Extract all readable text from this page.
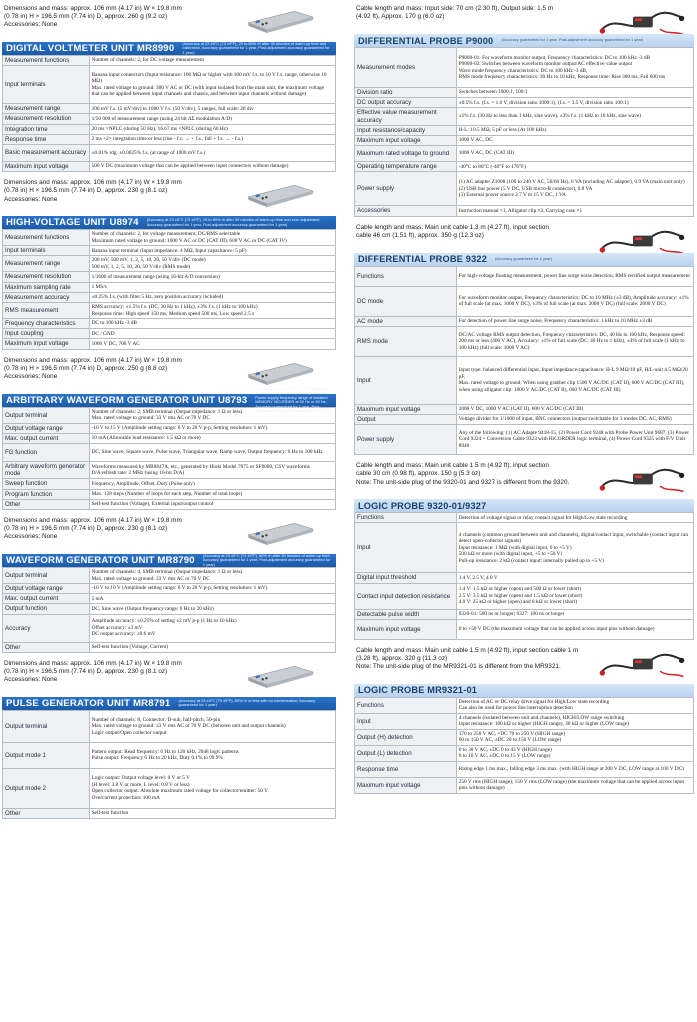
Dimensions and mass: approx. 106 mm (4.17 in) W × 19.8 mm
(0.78 in) H × 196.5 mm (7.74 in) D, approx. 260 g (9.2 oz)
Accessories: None
DIGITAL VOLTMETER UNIT MR8990 (Accuracy at 23 ±5°C (73 ±9°F), 20 to 80% rh after 30 minutes of warm-up time and calibration, Accuracy guaranteed for 1 year, Post-adjustment accuracy guaranteed for 1 year)
Measurement functions	Number of channels: 2, for DC voltage measurement

Input terminals	Banana input connectors (Input resistance: 100 MΩ or higher with 100 mV f.s. to 10 V f.s. range, otherwise 10 MΩ)
Max. rated voltage to ground: 300 V AC or DC (with input isolated from the main unit, the maximum voltage that can be applied between input channels and chassis, and between input channels without damage)

Measurement range	100 mV f.s. (5 mV/div) to 1000 V f.s. (50 V/div), 5 ranges, full scale: 20 div

Measurement resolution	1/50 000 of measurement range (using 24 bit ΔΣ modulation A/D)

Integration time	20 ms ×NPLC (during 50 Hz), 16.67 ms ×NPLC (during 60 Hz)

Response time	2 ms +2× integration time or less (rise - f.s. → + f.s., fall + f.s. → - f.s.)

Basic measurement accuracy	±0.01% rdg. ±0.0025% f.s. (at range of 1000 mV f.s.)

Maximum input voltage	500 V DC (maximum voltage that can be applied between input connectors without damage)
Dimensions and mass: approx. 106 mm (4.17 in) W × 19.8 mm
(0.78 in) H × 196.5 mm (7.74 in) D, approx. 230 g (8.1 oz)
Accessories: None
HIGH-VOLTAGE UNIT U8974 (Accuracy at 23 ±5°C (73 ±9°F), 20 to 80% rh after 30 minutes of warm-up time and zero adjustment, Accuracy guaranteed for 1 year, Post-adjustment accuracy guaranteed for 1 year)
Measurement functions	Number of channels: 2, for voltage measurement, DC/RMS selectable
Maximum rated voltage to ground: 1000 V AC or DC (CAT III), 600 V AC or DC (CAT IV)

Input terminals	Banana input terminal (Input impedance: 4 MΩ, Input capacitance: 5 pF)

Measurement range	200 mV, 500 mV, 1, 2, 5, 10, 20, 50 V/div (DC mode)
500 mV, 1, 2, 5, 10, 20, 50 V/div (RMS mode)

Measurement resolution	1/1600 of measurement range (using 16-bit A/D conversion)

Maximum sampling rate	1 MS/s

Measurement accuracy	±0.25% f.s. (with filter 5 Hz, zero position accuracy included)

RMS measurement	RMS accuracy: ±1.5% f.s. (DC, 30 Hz to 1 kHz), ±3% f.s. (1 kHz to 100 kHz)
Response time: High speed 150 ms, Medium speed 500 ms, Low speed 2.5 s

Frequency characteristics	DC to 100 kHz -3 dB

Input coupling	DC / GND

Maximum input voltage	1000 V DC, 700 V AC
Dimensions and mass: approx. 106 mm (4.17 in) W × 19.8 mm
(0.78 in) H × 196.5 mm (7.74 in) D, approx. 250 g (8.8 oz)
Accessories: None
ARBITRARY WAVEFORM GENERATOR UNIT U8793
(Accuracy at 23 ±5°C (73 ±9°F), 80% rh or less after 30 minutes of warm-up time; Power supply frequency range of installed MEMORY HiCORDER at 50 Hz or 60 Hz; Accuracy guaranteed for 1 year, Post-adjustment accuracy guaranteed for 1 year)
Output terminal	Number of channels: 2, SMB terminal (Output impedance: 1 Ω or less)
Max. rated voltage to ground: 33 V rms AC or 70 V DC

Output voltage range	-10 V to 15 V (Amplitude setting range: 0 V to 20 V p-p, Setting resolution: 1 mV)

Max. output current	10 mA (Allowable load resistance: 1.5 kΩ or more)

FG function	DC, Sine wave, Square wave, Pulse wave, Triangular wave, Ramp wave, Output frequency: 0 Hz to 100 kHz

Arbitrary waveform generator mode	Waveforms measured by MR8847A, etc., generated by Hioki Model 7075 or SF8000, CSV waveforms
D/A refresh rate: 2 MHz (using 16-bit D/A)

Sweep function	Frequency, Amplitude, Offset, Duty (Pulse only)

Program function	Max. 128 steps (Number of loops for each step, Number of total loops)

Other	Self-test function (Voltage), External input/output control
Dimensions and mass: approx. 106 mm (4.17 in) W × 19.8 mm
(0.78 in) H × 196.5 mm (7.74 in) D, approx. 230 g (8.1 oz)
Accessories: None
WAVEFORM GENERATOR UNIT MR8790 (Accuracy at 23 ±5°C (73 ±9°F), 80% rh after 30 minutes of warm-up time; Accuracy guaranteed for 1 year, Post-adjustment accuracy guaranteed for 1 year)
Output terminal	Number of channels: 4, SMB terminal (Output impedance: 1 Ω or less)
Max. rated voltage to ground: 33 V rms AC or 70 V DC

Output voltage range	-10 V to 10 V (Amplitude setting range: 0 V to 20 V p-p, Setting resolution: 1 mV)

Max. output current	5 mA

Output function	DC, Sine wave (Output frequency range: 0 Hz to 20 kHz)

Accuracy	Amplitude accuracy: ±0.25% of setting ±2 mV p-p (1 Hz to 10 kHz)
Offset accuracy: ±3 mV
DC output accuracy: ±0.6 mV

Other	Self-test function (Voltage, Current)
Dimensions and mass: approx. 106 mm (4.17 in) W × 19.8 mm
(0.78 in) H × 196.5 mm (7.74 in) D, approx. 230 g (8.1 oz)
Accessories: None
PULSE GENERATOR UNIT MR8791 (Accuracy at 23 ±5°C (73 ±9°F), 80% rh or less with no condensation; Accuracy guaranteed for 1 year)
Output terminal	Number of channels: 8, Connector: D-sub, half-pitch, 50-pin
Max. rated voltage to ground: 33 V rms AC or 70 V DC (between unit and output channels)
Logic output/Open collector output

Output mode 1	Pattern output: Read frequency: 0 Hz to 120 kHz, 2048 logic patterns
Pulse output: Frequency 0 Hz to 20 kHz, Duty 0.1% to 99.9%

Output mode 2	Logic output: Output voltage level: 0 V or 5 V
(H level: 3.8 V or more, L level: 0.8 V or less)
Open collector output: Absolute maximum rated voltage for collector/emitter: 50 V
Overcurrent protection: 100 mA

Other	Self-test function
Cable length and mass: Input side: 70 cm (2.30 ft), Output side: 1.5 m
(4.92 ft), Approx. 170 g (6.0 oz)
DIFFERENTIAL PROBE P9000 (Accuracy guaranteed for 1 year, Post-adjustment accuracy guaranteed for 1 year)
Measurement modes	P9000-01: For waveform monitor output, Frequency characteristics: DC to 100 kHz -3 dB
P9000-02: Switches between waveform monitor output/AC effective value output
Wave mode frequency characteristics: DC to 100 kHz -3 dB,
RMS mode frequency characteristics: 30 Hz to 10 kHz, Response time: Rise 300 ms, Fall 600 ms

Division ratio	Switches between 1000:1, 100:1

DC output accuracy	±0.5% f.s. (f.s. = 1.0 V, division ratio 1000:1), (f.s. = 3.5 V, division ratio 100:1)

Effective value measurement accuracy	±1% f.s. (30 Hz to less than 1 kHz, sine wave), ±3% f.s. (1 kHz to 10 kHz, sine wave)

Input resistance/capacity	H-L: 10.5 MΩ, 5 pF or less (At 100 kHz)

Maximum input voltage	1000 V AC, DC

Maximum rated voltage to ground	1000 V AC, DC (CAT III)

Operating temperature range	-40°C to 80°C (-40°F to 176°F)

Power supply	(1) AC adapter Z1008 (100 to 240 V AC, 50/60 Hz), 6 VA (including AC adapter), 0.9 VA (main unit only)
(2) USB bus power (5 V DC, USB micro-B connector), 0.8 VA
(3) External power source 2.7 V to 15 V DC, 1 VA

Accessories	Instruction manual ×1, Alligator clip ×2, Carrying case ×1
Cable length and mass: Main unit cable 1.3 m (4.27 ft), input section
cable 46 cm (1.51 ft), approx. 350 g (12.3 oz)
DIFFERENTIAL PROBE 9322 (Accuracy guaranteed for 1 year)
Functions	For high-voltage floating measurement, power line surge noise detection, RMS rectified output measurement

DC mode	For waveform monitor output, Frequency characteristics: DC to 10 MHz (±3 dB), Amplitude accuracy: ±1% of full scale (at max. 1000 V DC), ±3% of full scale (at max. 2000 V DC) (full scale: 2000 V DC)

AC mode	For detection of power line surge noise, Frequency characteristics: 1 kHz to 10 MHz ±3 dB

RMS mode	DC/AC voltage RMS output detection, Frequency characteristics: DC, 40 Hz to 100 kHz, Response speed: 200 ms or less (400 V AC), Accuracy: ±1% of full scale (DC, 40 Hz to 1 kHz), ±4% of full scale (1 kHz to 100 kHz) (full scale: 1000 V AC)

Input	Input type: balanced differential input, Input impedance/capacitance: H-L 9 MΩ/10 pF, H/L-unit 4.5 MΩ/20 pF,
Max. rated voltage to ground: When using grabber clip 1500 V AC/DC (CAT II), 600 V AC/DC (CAT III), when using alligator clip: 1000 V AC/DC (CAT II), 600 V AC/DC (CAT III)

Maximum input voltage	2000 V DC, 1000 V AC (CAT II), 600 V AC/DC (CAT III)

Output	Voltage divider for 1/1000 of input, BNC connectors (output switchable for 3 modes DC, AC, RMS)

Power supply	Any of the following: (1) AC Adapte 9418-15, (2) Power Cord 9248 with Probe Power Unit 9687, (3) Power Cord 9324 + Conversion Cable 9323 with HiCORDER logic terminal, (4) Power Cord 9325 with F/V Unit 8940
Cable length and mass: Main unit cable 1.5 m (4.92 ft), input section
cable 30 cm (0.98 ft), approx. 150 g (5.3 oz)
Note: The unit-side plug of the 9320-01 and 9327 is different from the 9320.
LOGIC PROBE 9320-01/9327
Functions	Detection of voltage signal or relay contact signal for High/Low state recording

Input	4 channels (common ground between unit and channels), digital/contact input, switchable (contact input can detect open-collector signals)
Input resistance: 1 MΩ (with digital input, 0 to +5 V)
500 kΩ or more (with digital input, +5 to +50 V)
Pull-up resistance: 2 kΩ (contact input: internally pulled up to +5 V)

Digital input threshold	1.4 V, 2.5 V, 4.0 V

Contact input detection resistance	1.4 V: 1.5 kΩ or higher (open) and 500 Ω or lower (short)
2.5 V: 3.5 kΩ or higher (open) and 1.5 kΩ or lower (short)
4.0 V: 25 kΩ or higher (open) and 8 kΩ or lower (short)

Detectable pulse width	9320-01: 500 ns or longer; 9327: 100 ns or longer

Maximum input voltage	0 to +50 V DC (the maximum voltage that can be applied across input pins without damage)
Cable length and mass: Main unit cable 1.5 m (4.92 ft), input section cable 1 m
(3.28 ft), approx. 320 g (11.3 oz)
Note: The unit-side plug of the MR9321-01 is different from the MR9321.
LOGIC PROBE MR9321-01
Functions	Detection of AC or DC relay drive signal for High/Low state recording
Can also be used for power line interruption detection

Input	4 channels (isolated between unit and channels), HIGH/LOW range switching
Input resistance: 100 kΩ or higher (HIGH range), 30 kΩ or higher (LOW range)

Output (H) detection	170 to 250 V AC, +DC 70 to 250 V (HIGH range)
60 to 150 V AC, ±DC 20 to 150 V (LOW range)

Output (L) detection	0 to 30 V AC, ±DC 0 to 43 V (HIGH range)
0 to 10 V AC, ±DC 0 to 15 V (LOW range)

Response time	Rising edge 1 ms max., falling edge 3 ms max. (with HIGH range at 200 V DC, LOW range at 100 V DC)

Maximum input voltage	250 V rms (HIGH range), 150 V rms (LOW range) (the maximum voltage that can be applied across input pins without damage)
